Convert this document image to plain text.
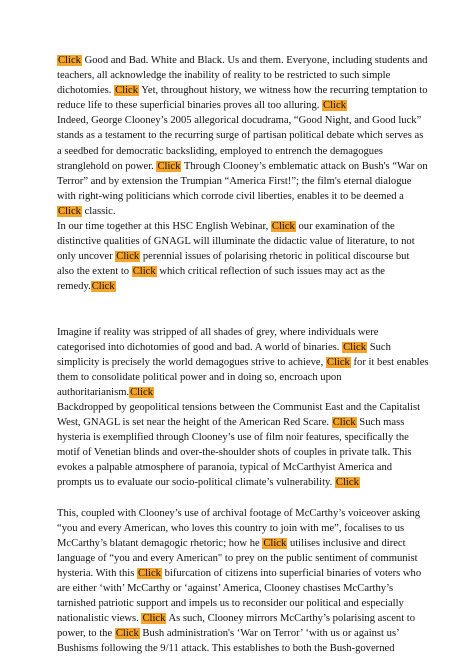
Click Good and Bad. White and Black. Us and them. Everyone, including students and teachers, all acknowledge the inability of reality to be restricted to such simple dichotomies. Click Yet, throughout history, we witness how the recurring temptation to reduce life to these superficial binaries proves all too alluring. Click
Indeed, George Clooney’s 2005 allegorical docudrama, “Good Night, and Good luck” stands as a testament to the recurring surge of partisan political debate which serves as a seedbed for democratic backsliding, employed to entrench the demagogues stranglehold on power. Click Through Clooney’s emblematic attack on Bush's “War on Terror” and by extension the Trumpian “America First!”; the film's eternal dialogue with right-wing politicians which corrode civil liberties, enables it to be deemed a Click classic.
In our time together at this HSC English Webinar, Click our examination of the distinctive qualities of GNAGL will illuminate the didactic value of literature, to not only uncover Click perennial issues of polarising rhetoric in political discourse but also the extent to Click which critical reflection of such issues may act as the remedy.Click

Imagine if reality was stripped of all shades of grey, where individuals were categorised into dichotomies of good and bad. A world of binaries. Click Such simplicity is precisely the world demagogues strive to achieve, Click for it best enables them to consolidate political power and in doing so, encroach upon authoritarianism.Click
Backdropped by geopolitical tensions between the Communist East and the Capitalist West, GNAGL is set near the height of the American Red Scare. Click Such mass hysteria is exemplified through Clooney’s use of film noir features, specifically the motif of Venetian blinds and over-the-shoulder shots of couples in private talk. This evokes a palpable atmosphere of paranoia, typical of McCarthyist America and prompts us to evaluate our socio-political climate’s vulnerability. Click

This, coupled with Clooney’s use of archival footage of McCarthy’s voiceover asking “you and every American, who loves this country to join with me”, focalises to us McCarthy’s blatant demagogic rhetoric; how he Click utilises inclusive and direct language of “you and every American" to prey on the public sentiment of communist hysteria. With this Click bifurcation of citizens into superficial binaries of voters who are either ‘with’ McCarthy or ‘against’ America, Clooney chastises McCarthy’s tarnished patriotic support and impels us to reconsider our political and especially nationalistic views. Click As such, Clooney mirrors McCarthy’s polarising ascent to power, to the Click Bush administration's ‘War on Terror’ ‘with us or against us’ Bushisms following the 9/11 attack. This establishes to both the Bush-governed
